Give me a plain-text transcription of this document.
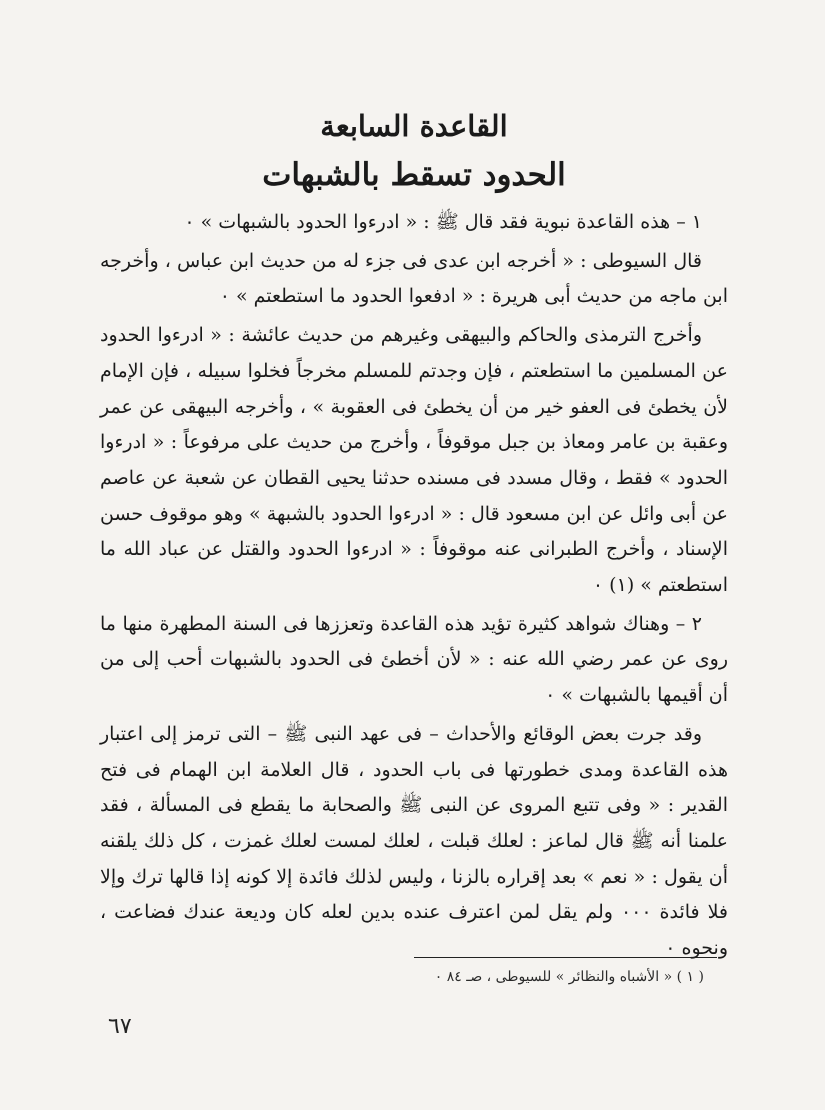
القاعدة السابعة
الحدود تسقط بالشبهات

١ – هذه القاعدة نبوية فقد قال ﷺ : « ادرءوا الحدود بالشبهات » ٠

قال السيوطى : « أخرجه ابن عدى فى جزء له من حديث ابن عباس ، وأخرجه ابن ماجه من حديث أبى هريرة : « ادفعوا الحدود ما استطعتم » ٠

وأخرج الترمذى والحاكم والبيهقى وغيرهم من حديث عائشة : « ادرءوا الحدود عن المسلمين ما استطعتم ، فإن وجدتم للمسلم مخرجاً فخلوا سبيله ، فإن الإمام لأن يخطئ فى العفو خير من أن يخطئ فى العقوبة » ، وأخرجه البيهقى عن عمر وعقبة بن عامر ومعاذ بن جبل موقوفاً ، وأخرج من حديث على مرفوعاً : « ادرءوا الحدود » فقط ، وقال مسدد فى مسنده حدثنا يحيى القطان عن شعبة عن عاصم عن أبى وائل عن ابن مسعود قال : « ادرءوا الحدود بالشبهة » وهو موقوف حسن الإسناد ، وأخرج الطبرانى عنه موقوفاً : « ادرءوا الحدود والقتل عن عباد الله ما استطعتم » (١) ٠

٢ – وهناك شواهد كثيرة تؤيد هذه القاعدة وتعززها فى السنة المطهرة منها ما روى عن عمر رضي الله عنه : « لأن أخطئ فى الحدود بالشبهات أحب إلى من أن أقيمها بالشبهات » ٠

وقد جرت بعض الوقائع والأحداث – فى عهد النبى ﷺ – التى ترمز إلى اعتبار هذه القاعدة ومدى خطورتها فى باب الحدود ، قال العلامة ابن الهمام فى فتح القدير : « وفى تتبع المروى عن النبى ﷺ والصحابة ما يقطع فى المسألة ، فقد علمنا أنه ﷺ قال لماعز : لعلك قبلت ، لعلك لمست لعلك غمزت ، كل ذلك يلقنه أن يقول : « نعم » بعد إقراره بالزنا ، وليس لذلك فائدة إلا كونه إذا قالها ترك وإلا فلا فائدة ٠٠٠ ولم يقل لمن اعترف عنده بدين لعله كان وديعة عندك فضاعت ، ونحوه ٠

( ١ ) « الأشباه والنظائر » للسيوطى ، صـ ٨٤ ٠
٦٧
